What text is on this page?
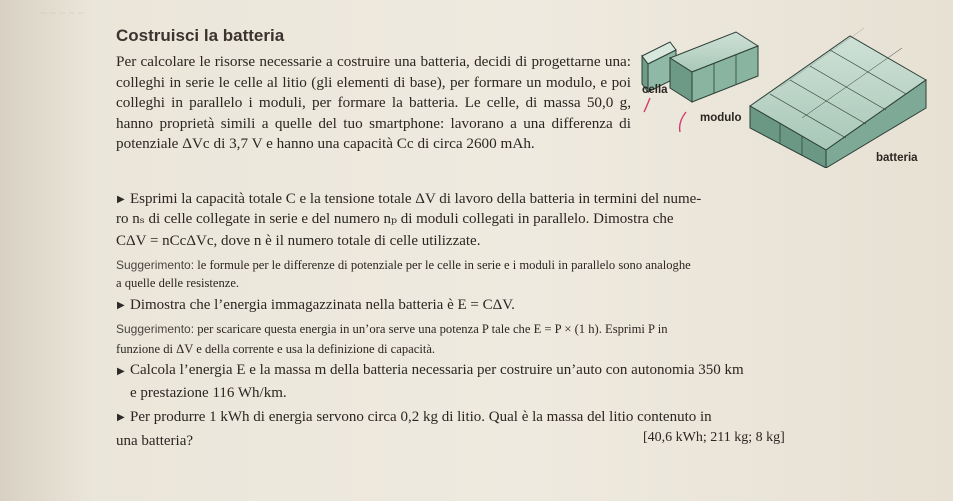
~ ~ ~ ~ ~
Costruisci la batteria
Per calcolare le risorse necessarie a costruire una batteria, decidi di progettarne una: colleghi in serie le celle al litio (gli elementi di base), per formare un modulo, e poi colleghi in parallelo i moduli, per formare la batteria. Le celle, di massa 50,0 g, hanno proprietà simili a quelle del tuo smartphone: lavorano a una differenza di potenziale ΔVc di 3,7 V e hanno una capacità Cc di circa 2600 mAh.
cella
modulo
batteria
▶ Esprimi la capacità totale C e la tensione totale ΔV di lavoro della batteria in termini del nume-
ro nₛ di celle collegate in serie e del numero nₚ di moduli collegati in parallelo. Dimostra che
CΔV = nCcΔVc, dove n è il numero totale di celle utilizzate.
Suggerimento: le formule per le differenze di potenziale per le celle in serie e i moduli in parallelo sono analoghe
a quelle delle resistenze.
▶ Dimostra che l’energia immagazzinata nella batteria è E = CΔV.
Suggerimento: per scaricare questa energia in un’ora serve una potenza P tale che E = P × (1 h). Esprimi P in
funzione di ΔV e della corrente e usa la definizione di capacità.
▶ Calcola l’energia E e la massa m della batteria necessaria per costruire un’auto con autonomia 350 km
e prestazione 116 Wh/km.
▶ Per produrre 1 kWh di energia servono circa 0,2 kg di litio. Qual è la massa del litio contenuto in
una batteria?	[40,6 kWh; 211 kg; 8 kg]
